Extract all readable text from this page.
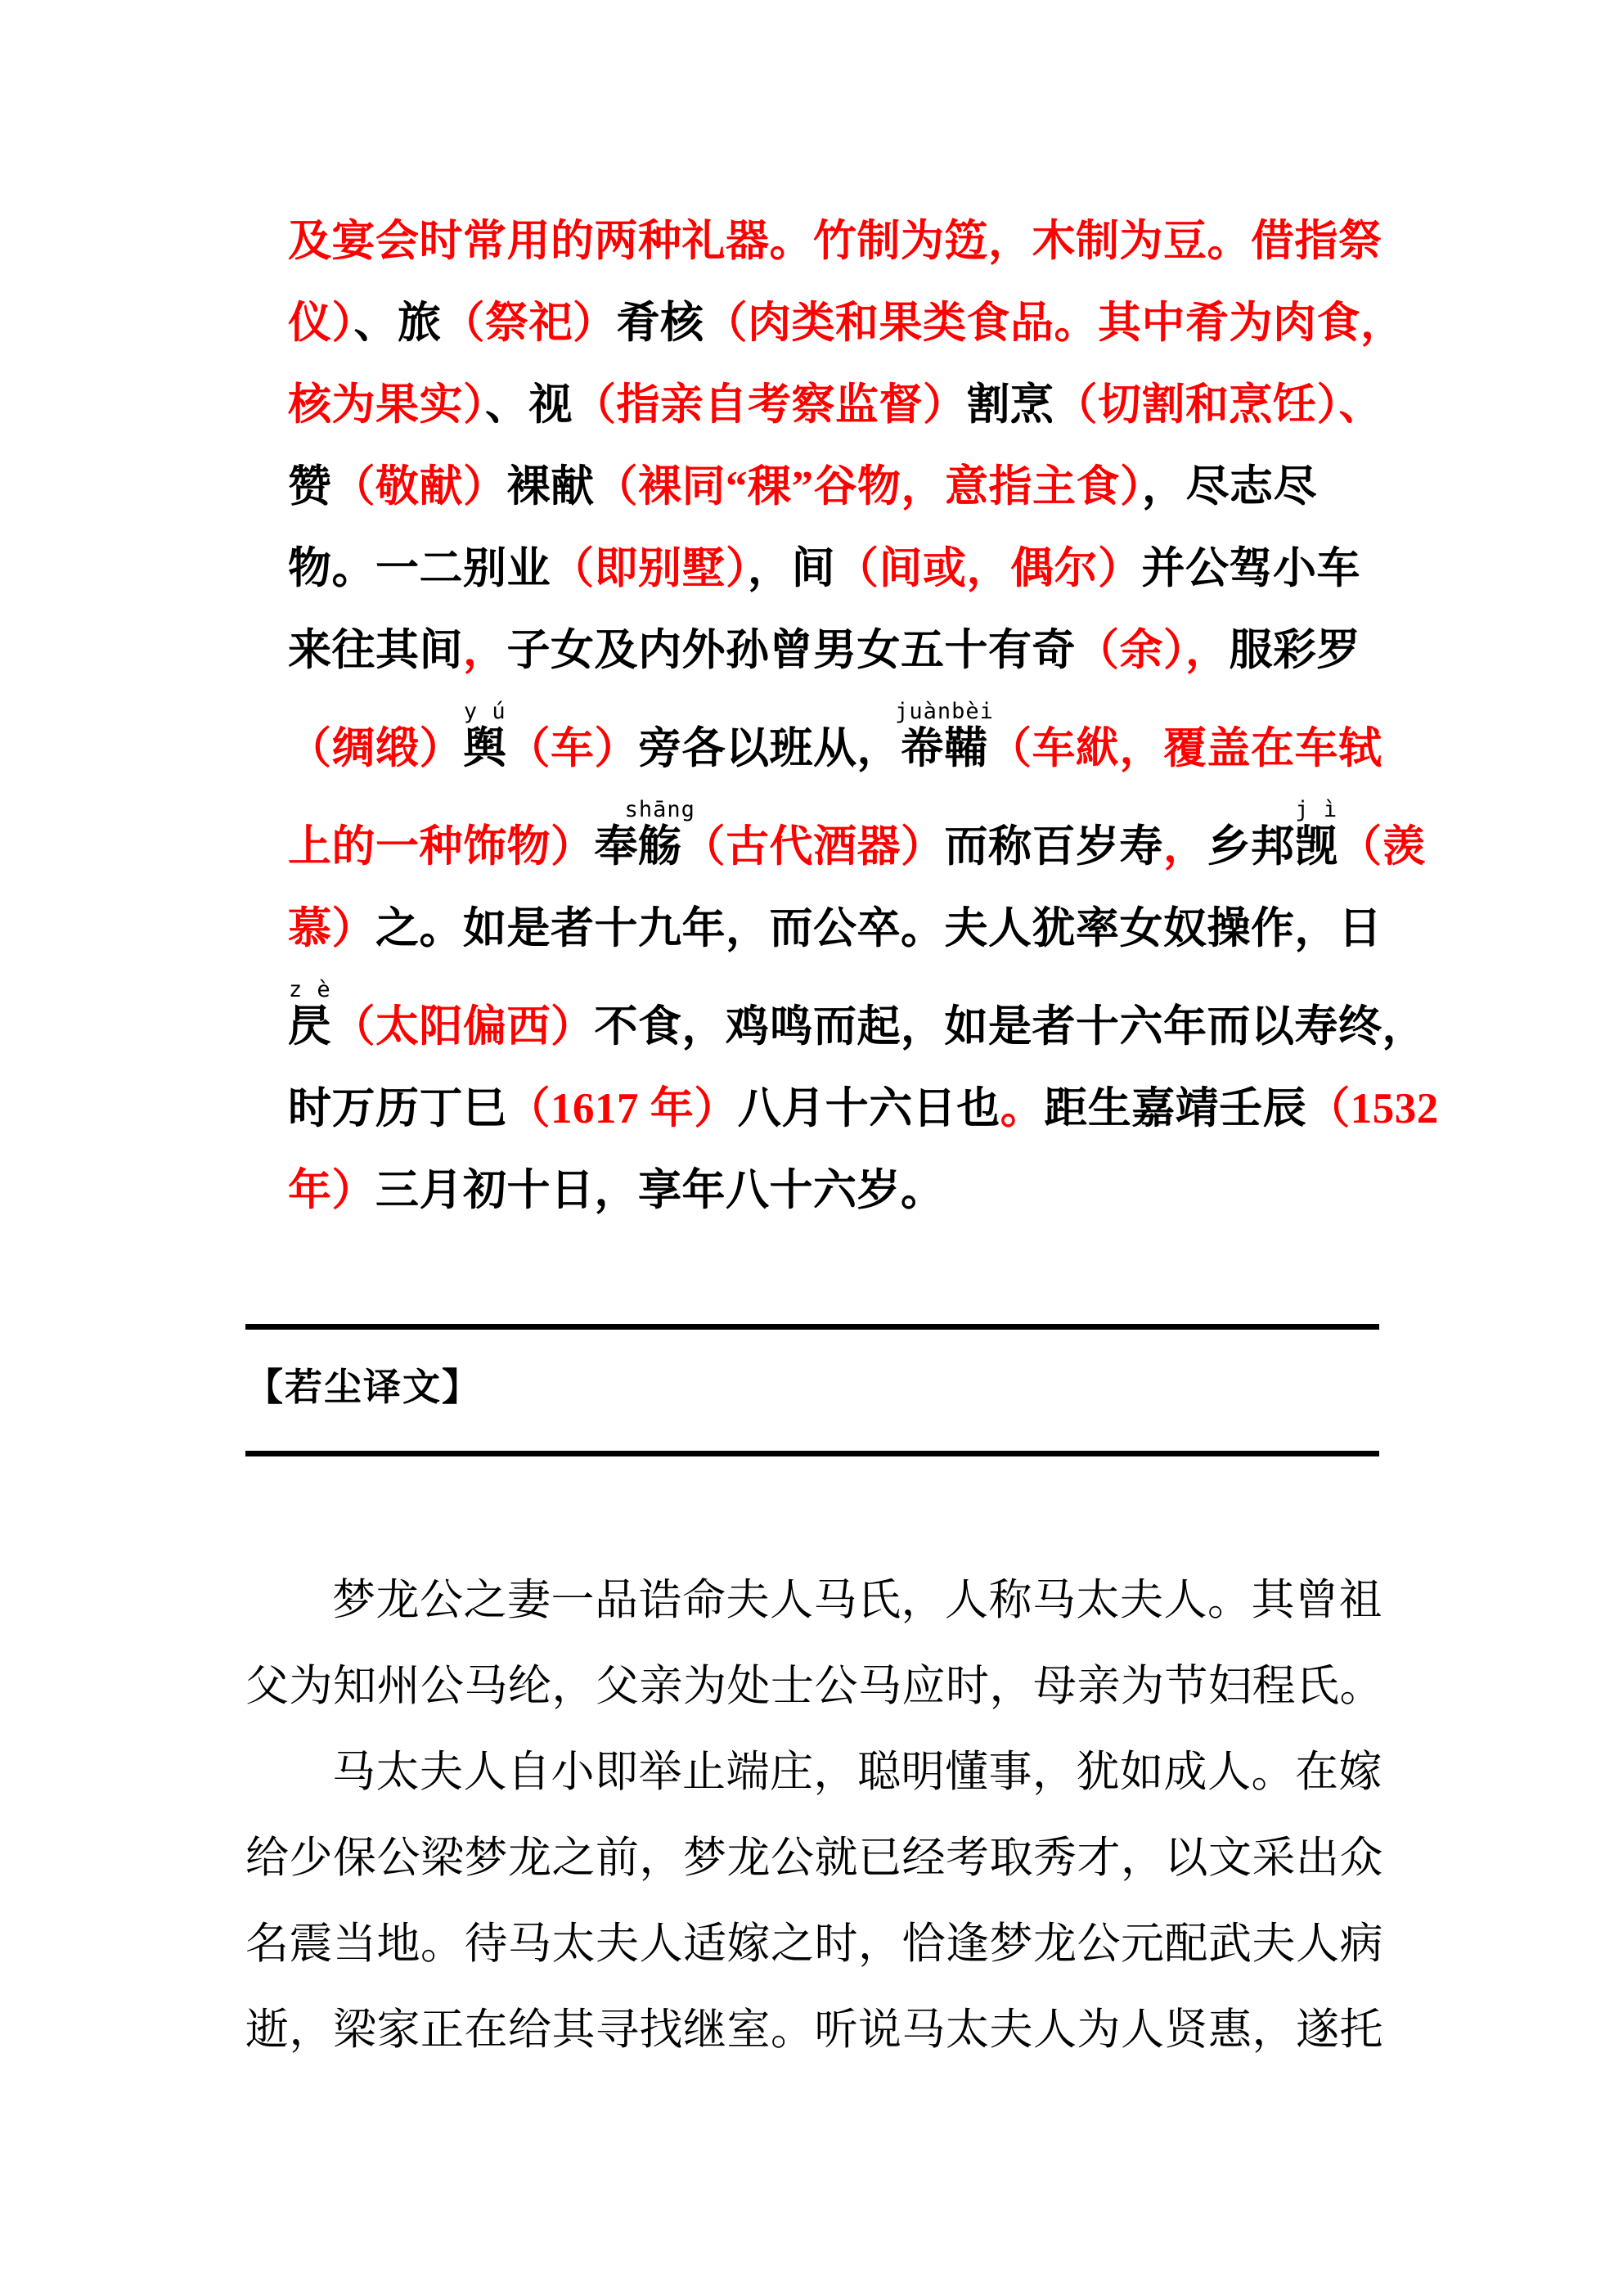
及宴会时常用的两种礼器。竹制为笾，木制为豆。借指祭
仪）、旅（祭祀）肴核（肉类和果类食品。其中肴为肉食，
核为果实）、视（指亲自考察监督）割烹（切割和烹饪）、
赞（敬献）裸献（裸同“稞”谷物，意指主食），尽志尽
物。一二别业（即别墅），间（间或，偶尔）并公驾小车
来往其间，子女及内外孙曾男女五十有奇（余），服彩罗
（绸缎）舆
y ú
（车）旁各以班从，帣鞴
juànbèi
（车絥，覆盖在车轼
上的一种饰物）奉觞
shāng
（古代酒器）而称百岁寿，乡邦觊
j ì
（羡
慕）之。如是者十九年，而公卒。夫人犹率女奴操作，日
昃
z è
（太阳偏西）不食，鸡鸣而起，如是者十六年而以寿终，
时万历丁巳（1617 年）八月十六日也。距生嘉靖壬辰（1532
年）三月初十日，享年八十六岁。
【若尘译文】
梦龙公之妻一品诰命夫人马氏，人称马太夫人。其曾祖
父为知州公马纶，父亲为处士公马应时，母亲为节妇程氏。
马太夫人自小即举止端庄，聪明懂事，犹如成人。在嫁
给少保公梁梦龙之前，梦龙公就已经考取秀才，以文采出众
名震当地。待马太夫人适嫁之时，恰逢梦龙公元配武夫人病
逝，梁家正在给其寻找继室。听说马太夫人为人贤惠，遂托
